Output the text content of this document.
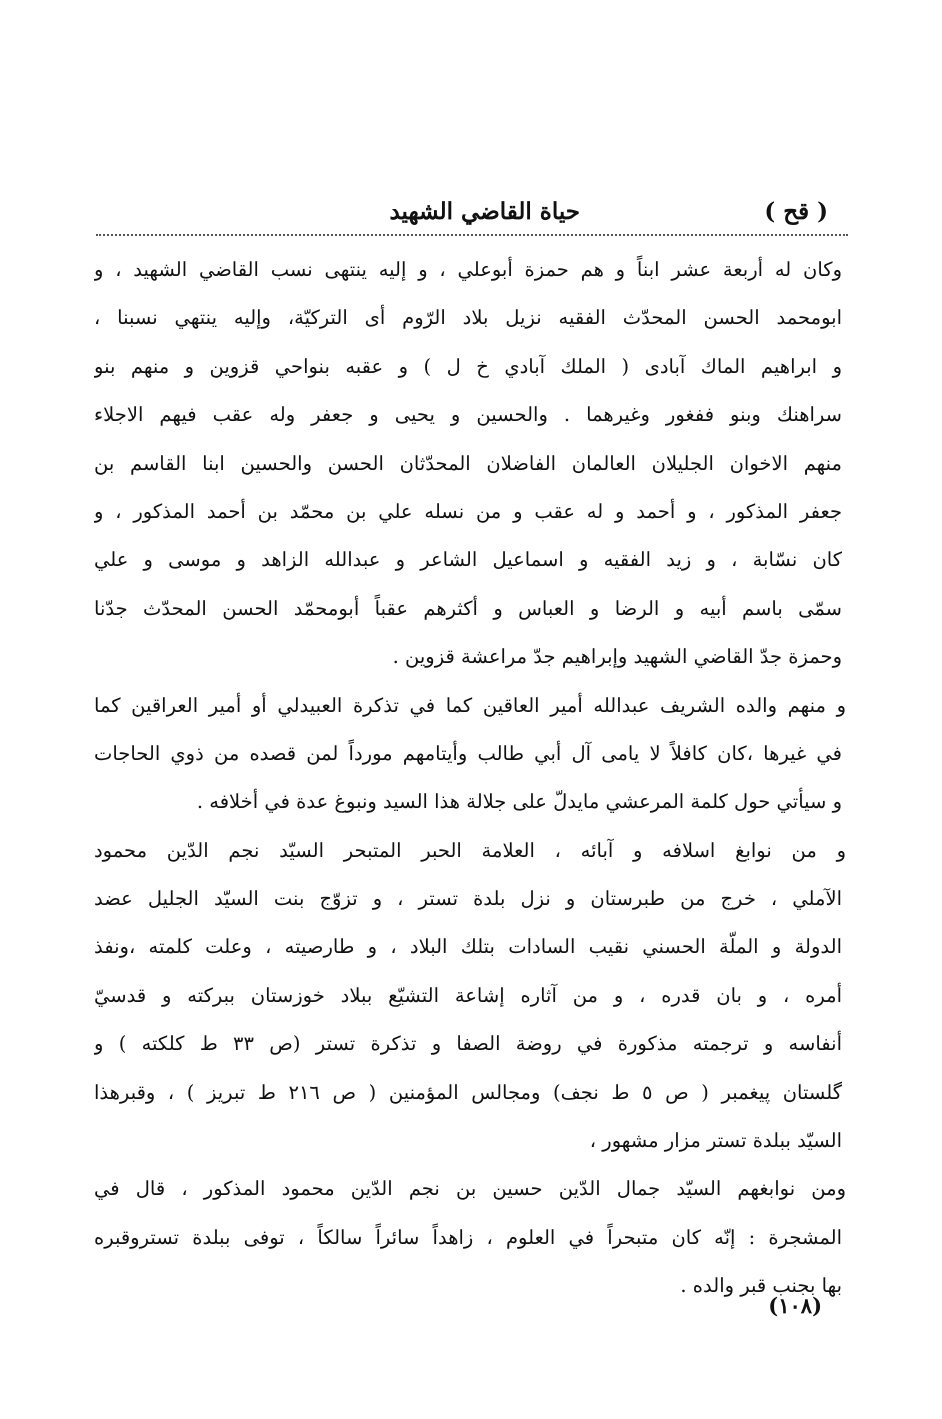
( قح )
حياة القاضي الشهيد
وكان له أربعة عشر ابناً و هم حمزة أبوعلي ، و إليه ينتهى نسب القاضي الشهيد ، و
ابومحمد الحسن المحدّث الفقيه نزيل بلاد الرّوم أى التركيّة، وإليه ينتهي نسبنا ،
و ابراهيم الماك آبادى ( الملك آبادي خ ل ) و عقبه بنواحي قزوين و منهم بنو
سراهنك وبنو ففغور وغيرهما . والحسين و يحيى و جعفر وله عقب فيهم الاجلاء
منهم الاخوان الجليلان العالمان الفاضلان المحدّثان الحسن والحسين ابنا القاسم بن
جعفر المذكور ، و أحمد و له عقب و من نسله علي بن محمّد بن أحمد المذكور ، و
كان نسّابة ، و زيد الفقيه و اسماعيل الشاعر و عبدالله الزاهد و موسى و علي
سمّى باسم أبيه و الرضا و العباس و أكثرهم عقباً أبومحمّد الحسن المحدّث جدّنا
وحمزة جدّ القاضي الشهيد وإبراهيم جدّ مراعشة قزوين .
و منهم والده الشريف عبدالله أمير العاقين كما في تذكرة العبيدلي أو أمير العراقين كما
في غيرها ،كان كافلاً لا يامى آل أبي طالب وأيتامهم مورداً لمن قصده من ذوي الحاجات
و سيأتي حول كلمة المرعشي مايدلّ على جلالة هذا السيد ونبوغ عدة في أخلافه .
و من نوابغ اسلافه و آبائه ، العلامة الحبر المتبحر السيّد نجم الدّين محمود
الآملي ، خرج من طبرستان و نزل بلدة تستر ، و تزوّج بنت السيّد الجليل عضد
الدولة و الملّة الحسني نقيب السادات بتلك البلاد ، و طارصيته ، وعلت كلمته ،ونفذ
أمره ، و بان قدره ، و من آثاره إشاعة التشيّع ببلاد خوزستان ببركته و قدسيّ
أنفاسه و ترجمته مذكورة في روضة الصفا و تذكرة تستر (ص ٣٣ ط كلكته ) و
گلستان پيغمبر ( ص ٥ ط نجف) ومجالس المؤمنين ( ص ٢١٦ ط تبريز ) ، وقبرهذا
السيّد ببلدة تستر مزار مشهور ،
ومن نوابغهم السيّد جمال الدّين حسين بن نجم الدّين محمود المذكور ، قال في
المشجرة : إنّه كان متبحراً في العلوم ، زاهداً سائراً سالكاً ، توفى ببلدة تستروقبره
بها بجنب قبر والده .
(١٠٨)
